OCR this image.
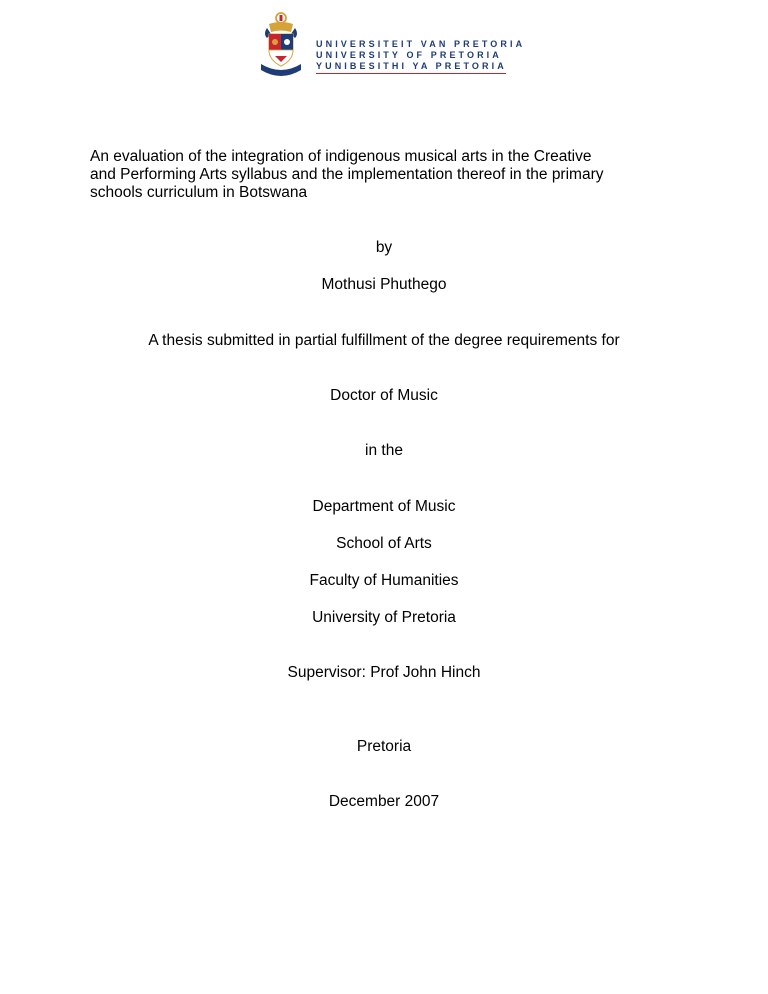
UNIVERSITEIT VAN PRETORIA
UNIVERSITY OF PRETORIA
YUNIBESITHI YA PRETORIA
An evaluation of the integration of indigenous musical arts in the Creative
and Performing Arts syllabus and the implementation thereof in the primary
schools curriculum in Botswana
by
Mothusi Phuthego
A thesis submitted in partial fulfillment of the degree requirements for
Doctor of Music
in the
Department of Music
School of Arts
Faculty of Humanities
University of Pretoria
Supervisor: Prof John Hinch
Pretoria
December 2007
